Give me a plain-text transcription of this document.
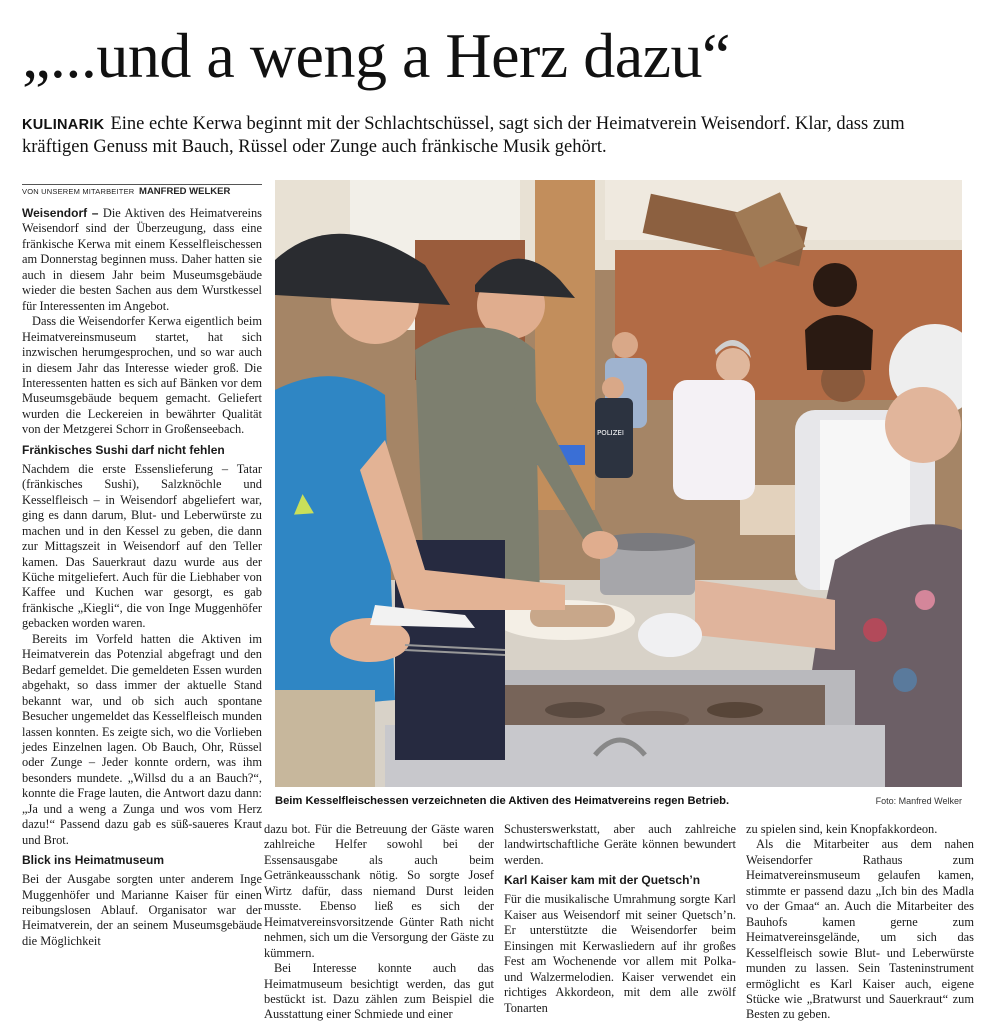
„...und a weng a Herz dazu“
KULINARIK Eine echte Kerwa beginnt mit der Schlachtschüssel, sagt sich der Heimatverein Weisendorf. Klar, dass zum kräftigen Genuss mit Bauch, Rüssel oder Zunge auch fränkische Musik gehört.
VON UNSEREM MITARBEITER MANFRED WELKER

Weisendorf – Die Aktiven des Heimatvereins Weisendorf sind der Überzeugung, dass eine fränkische Kerwa mit einem Kesselfleischessen am Donnerstag beginnen muss. Daher hatten sie auch in diesem Jahr beim Museumsgebäude wieder die besten Sachen aus dem Wurstkessel für Interessenten im Angebot.

Dass die Weisendorfer Kerwa eigentlich beim Heimatvereinsmuseum startet, hat sich inzwischen herumgesprochen, und so war auch in diesem Jahr das Interesse wieder groß. Die Interessenten hatten es sich auf Bänken vor dem Museumsgebäude bequem gemacht. Geliefert wurden die Leckereien in bewährter Qualität von der Metzgerei Schorr in Großenseebach.

Fränkisches Sushi darf nicht fehlen

Nachdem die erste Essenslieferung – Tatar (fränkisches Sushi), Salzknöchle und Kesselfleisch – in Weisendorf abgeliefert war, ging es dann darum, Blut- und Leberwürste zu machen und in den Kessel zu geben, die dann zur Mittagszeit in Weisendorf auf den Teller kamen. Das Sauerkraut dazu wurde aus der Küche mitgeliefert. Auch für die Liebhaber von Kaffee und Kuchen war gesorgt, es gab fränkische „Kiegli“, die von Inge Muggenhöfer gebacken worden waren.

Bereits im Vorfeld hatten die Aktiven im Heimatverein das Potenzial abgefragt und den Bedarf gemeldet. Die gemeldeten Essen wurden abgehakt, so dass immer der aktuelle Stand bekannt war, und ob sich auch spontane Besucher ungemeldet das Kesselfleisch munden lassen konnten. Es zeigte sich, wo die Vorlieben jedes Einzelnen lagen. Ob Bauch, Ohr, Rüssel oder Zunge – Jeder konnte ordern, was ihm besonders mundete. „Willsd du a an Bauch?“, konnte die Frage lauten, die Antwort dazu dann: „Ja und a weng a Zunga und wos vom Herz dazu!“ Passend dazu gab es süß-saueres Kraut und Brot.

Blick ins Heimatmuseum

Bei der Ausgabe sorgten unter anderem Inge Muggenhöfer und Marianne Kaiser für einen reibungslosen Ablauf. Organisator war der Heimatverein, der an seinem Museumsgebäude die Möglichkeit

POLIZEI
▲
Beim Kesselfleischessen verzeichneten die Aktiven des Heimatvereins regen Betrieb.	Foto: Manfred Welker

dazu bot. Für die Betreuung der Gäste waren zahlreiche Helfer sowohl bei der Essensausgabe als auch beim Getränkeausschank nötig. So sorgte Josef Wirtz dafür, dass niemand Durst leiden musste. Ebenso ließ es sich der Heimatvereinsvorsitzende Günter Rath nicht nehmen, sich um die Versorgung der Gäste zu kümmern.

Bei Interesse konnte auch das Heimatmuseum besichtigt werden, das gut bestückt ist. Dazu zählen zum Beispiel die Ausstattung einer Schmiede und einer

Schusterswerkstatt, aber auch zahlreiche landwirtschaftliche Geräte können bewundert werden.

Karl Kaiser kam mit der Quetsch’n

Für die musikalische Umrahmung sorgte Karl Kaiser aus Weisendorf mit seiner Quetsch’n. Er unterstützte die Weisendorfer beim Einsingen mit Kerwasliedern auf ihr großes Fest am Wochenende vor allem mit Polka- und Walzermelodien. Kaiser verwendet ein richtiges Akkordeon, mit dem alle zwölf Tonarten

zu spielen sind, kein Knopfakkordeon.

Als die Mitarbeiter aus dem nahen Weisendorfer Rathaus zum Heimatvereinsmuseum gelaufen kamen, stimmte er passend dazu „Ich bin des Madla vo der Gmaa“ an. Auch die Mitarbeiter des Bauhofs kamen gerne zum Heimatvereinsgelände, um sich das Kesselfleisch sowie Blut- und Leberwürste munden zu lassen. Sein Tasteninstrument ermöglicht es Karl Kaiser auch, eigene Stücke wie „Bratwurst und Sauerkraut“ zum Besten zu geben.
